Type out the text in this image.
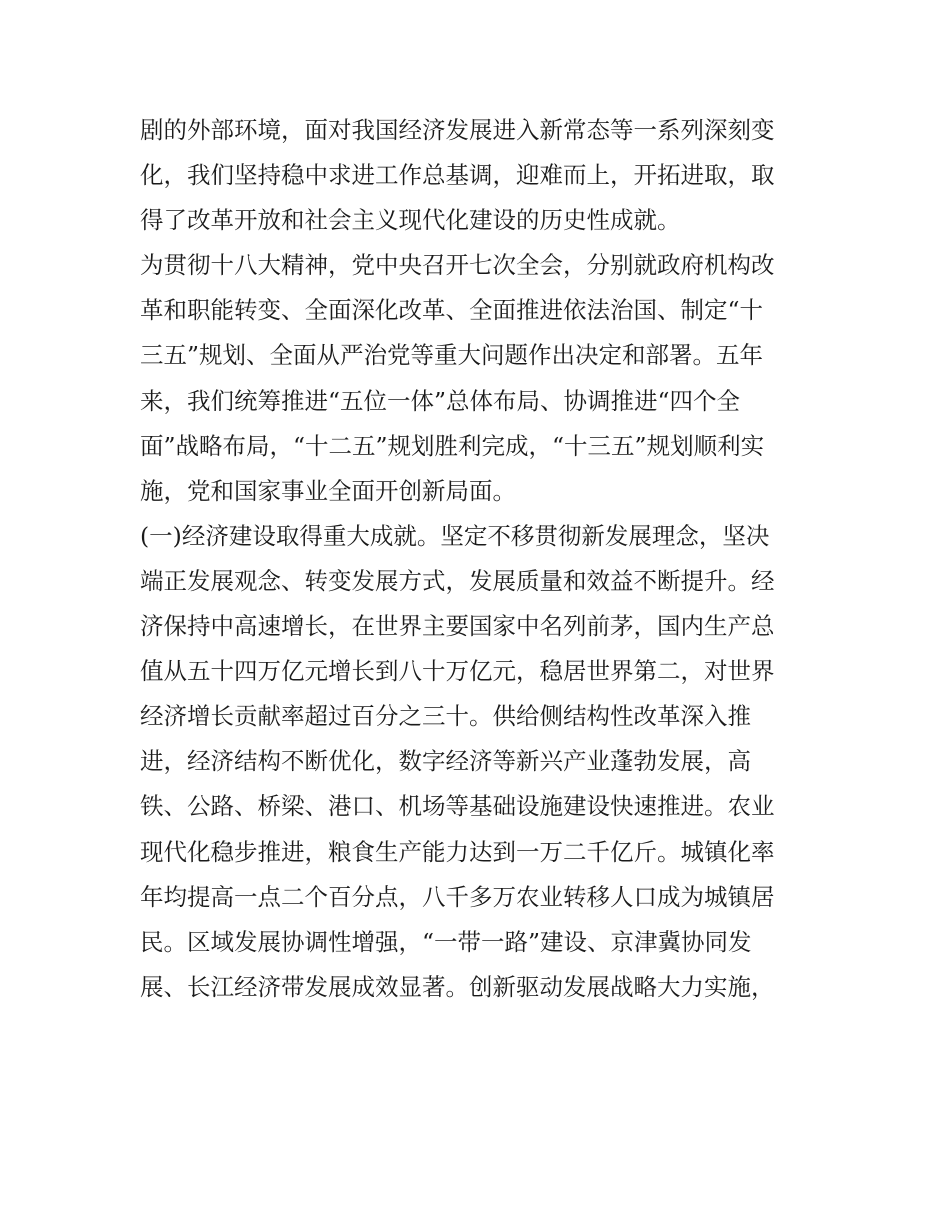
剧的外部环境，面对我国经济发展进入新常态等一系列深刻变
化，我们坚持稳中求进工作总基调，迎难而上，开拓进取，取
得了改革开放和社会主义现代化建设的历史性成就。
为贯彻十八大精神，党中央召开七次全会，分别就政府机构改
革和职能转变、全面深化改革、全面推进依法治国、制定“十
三五”规划、全面从严治党等重大问题作出决定和部署。五年
来，我们统筹推进“五位一体”总体布局、协调推进“四个全
面”战略布局，“十二五”规划胜利完成，“十三五”规划顺利实
施，党和国家事业全面开创新局面。
(一)经济建设取得重大成就。坚定不移贯彻新发展理念，坚决
端正发展观念、转变发展方式，发展质量和效益不断提升。经
济保持中高速增长，在世界主要国家中名列前茅，国内生产总
值从五十四万亿元增长到八十万亿元，稳居世界第二，对世界
经济增长贡献率超过百分之三十。供给侧结构性改革深入推
进，经济结构不断优化，数字经济等新兴产业蓬勃发展，高
铁、公路、桥梁、港口、机场等基础设施建设快速推进。农业
现代化稳步推进，粮食生产能力达到一万二千亿斤。城镇化率
年均提高一点二个百分点，八千多万农业转移人口成为城镇居
民。区域发展协调性增强，“一带一路”建设、京津冀协同发
展、长江经济带发展成效显著。创新驱动发展战略大力实施，
